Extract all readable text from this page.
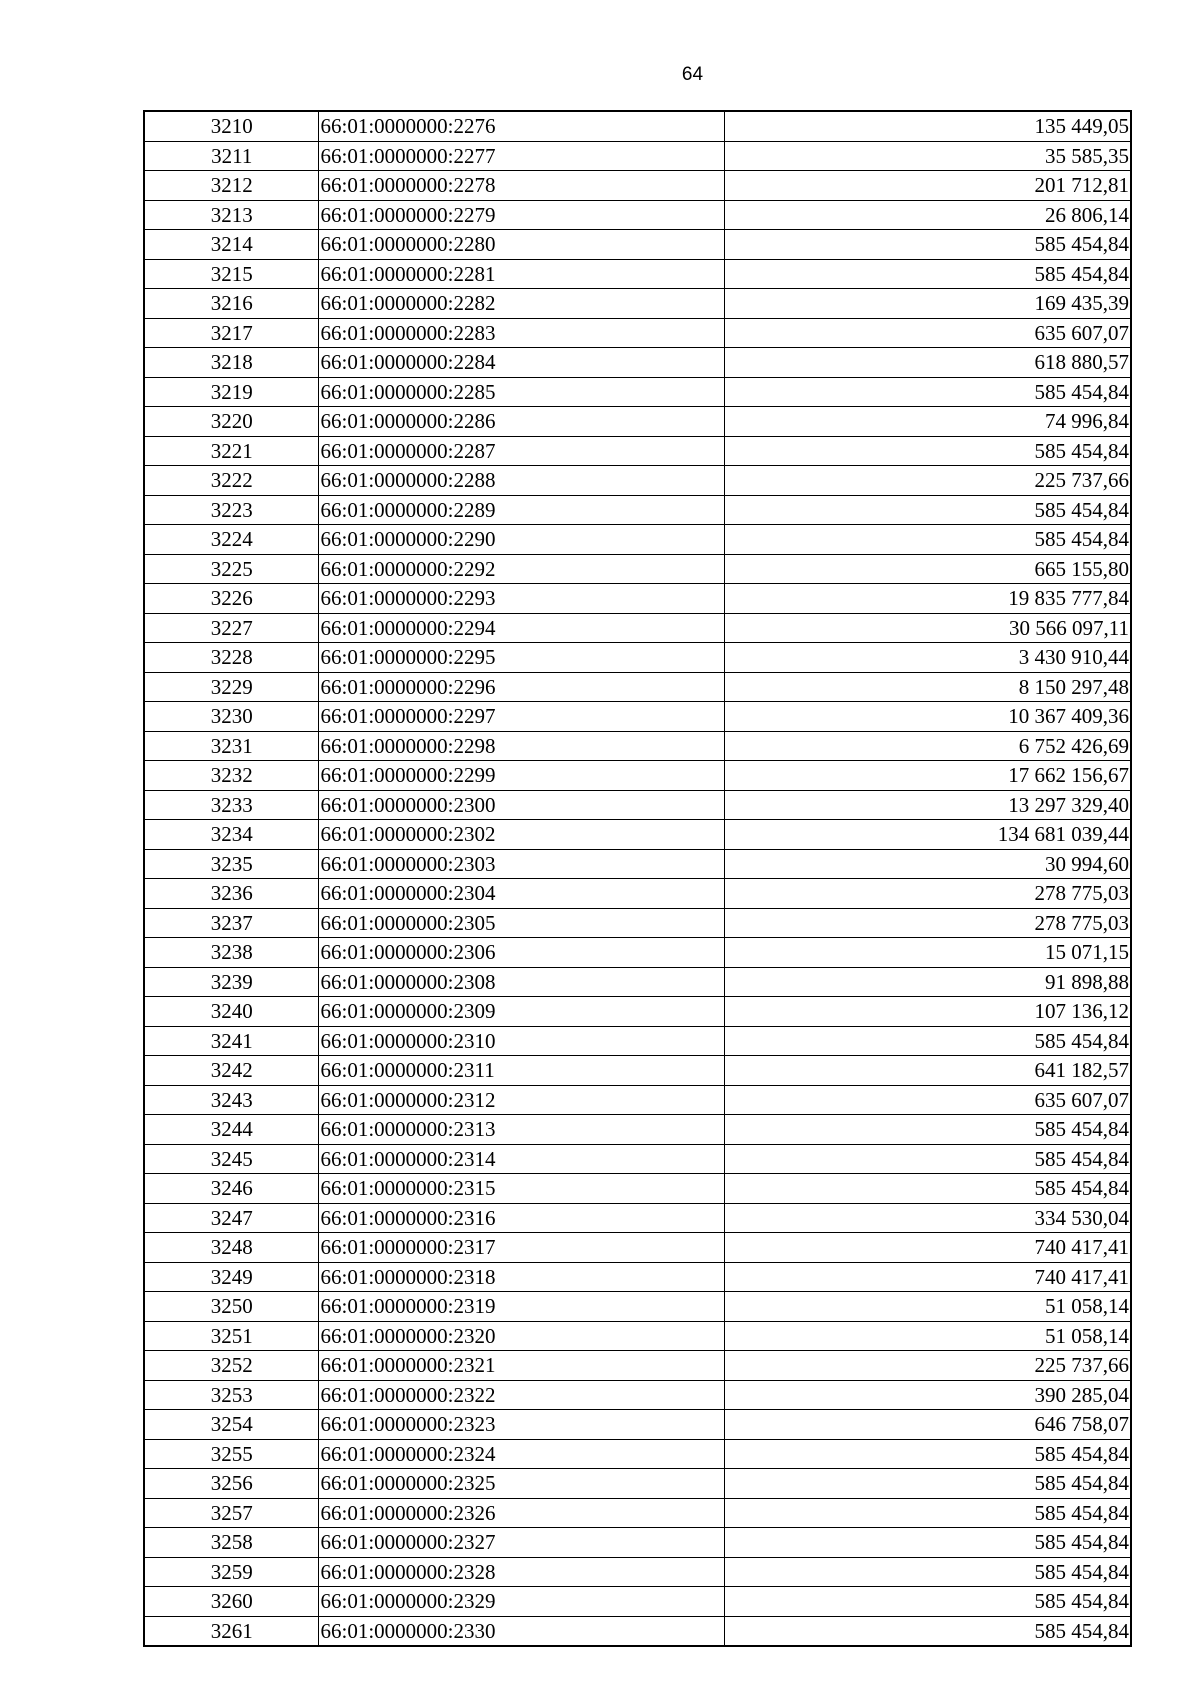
64
3210	66:01:0000000:2276	135 449,05
3211	66:01:0000000:2277	35 585,35
3212	66:01:0000000:2278	201 712,81
3213	66:01:0000000:2279	26 806,14
3214	66:01:0000000:2280	585 454,84
3215	66:01:0000000:2281	585 454,84
3216	66:01:0000000:2282	169 435,39
3217	66:01:0000000:2283	635 607,07
3218	66:01:0000000:2284	618 880,57
3219	66:01:0000000:2285	585 454,84
3220	66:01:0000000:2286	74 996,84
3221	66:01:0000000:2287	585 454,84
3222	66:01:0000000:2288	225 737,66
3223	66:01:0000000:2289	585 454,84
3224	66:01:0000000:2290	585 454,84
3225	66:01:0000000:2292	665 155,80
3226	66:01:0000000:2293	19 835 777,84
3227	66:01:0000000:2294	30 566 097,11
3228	66:01:0000000:2295	3 430 910,44
3229	66:01:0000000:2296	8 150 297,48
3230	66:01:0000000:2297	10 367 409,36
3231	66:01:0000000:2298	6 752 426,69
3232	66:01:0000000:2299	17 662 156,67
3233	66:01:0000000:2300	13 297 329,40
3234	66:01:0000000:2302	134 681 039,44
3235	66:01:0000000:2303	30 994,60
3236	66:01:0000000:2304	278 775,03
3237	66:01:0000000:2305	278 775,03
3238	66:01:0000000:2306	15 071,15
3239	66:01:0000000:2308	91 898,88
3240	66:01:0000000:2309	107 136,12
3241	66:01:0000000:2310	585 454,84
3242	66:01:0000000:2311	641 182,57
3243	66:01:0000000:2312	635 607,07
3244	66:01:0000000:2313	585 454,84
3245	66:01:0000000:2314	585 454,84
3246	66:01:0000000:2315	585 454,84
3247	66:01:0000000:2316	334 530,04
3248	66:01:0000000:2317	740 417,41
3249	66:01:0000000:2318	740 417,41
3250	66:01:0000000:2319	51 058,14
3251	66:01:0000000:2320	51 058,14
3252	66:01:0000000:2321	225 737,66
3253	66:01:0000000:2322	390 285,04
3254	66:01:0000000:2323	646 758,07
3255	66:01:0000000:2324	585 454,84
3256	66:01:0000000:2325	585 454,84
3257	66:01:0000000:2326	585 454,84
3258	66:01:0000000:2327	585 454,84
3259	66:01:0000000:2328	585 454,84
3260	66:01:0000000:2329	585 454,84
3261	66:01:0000000:2330	585 454,84
